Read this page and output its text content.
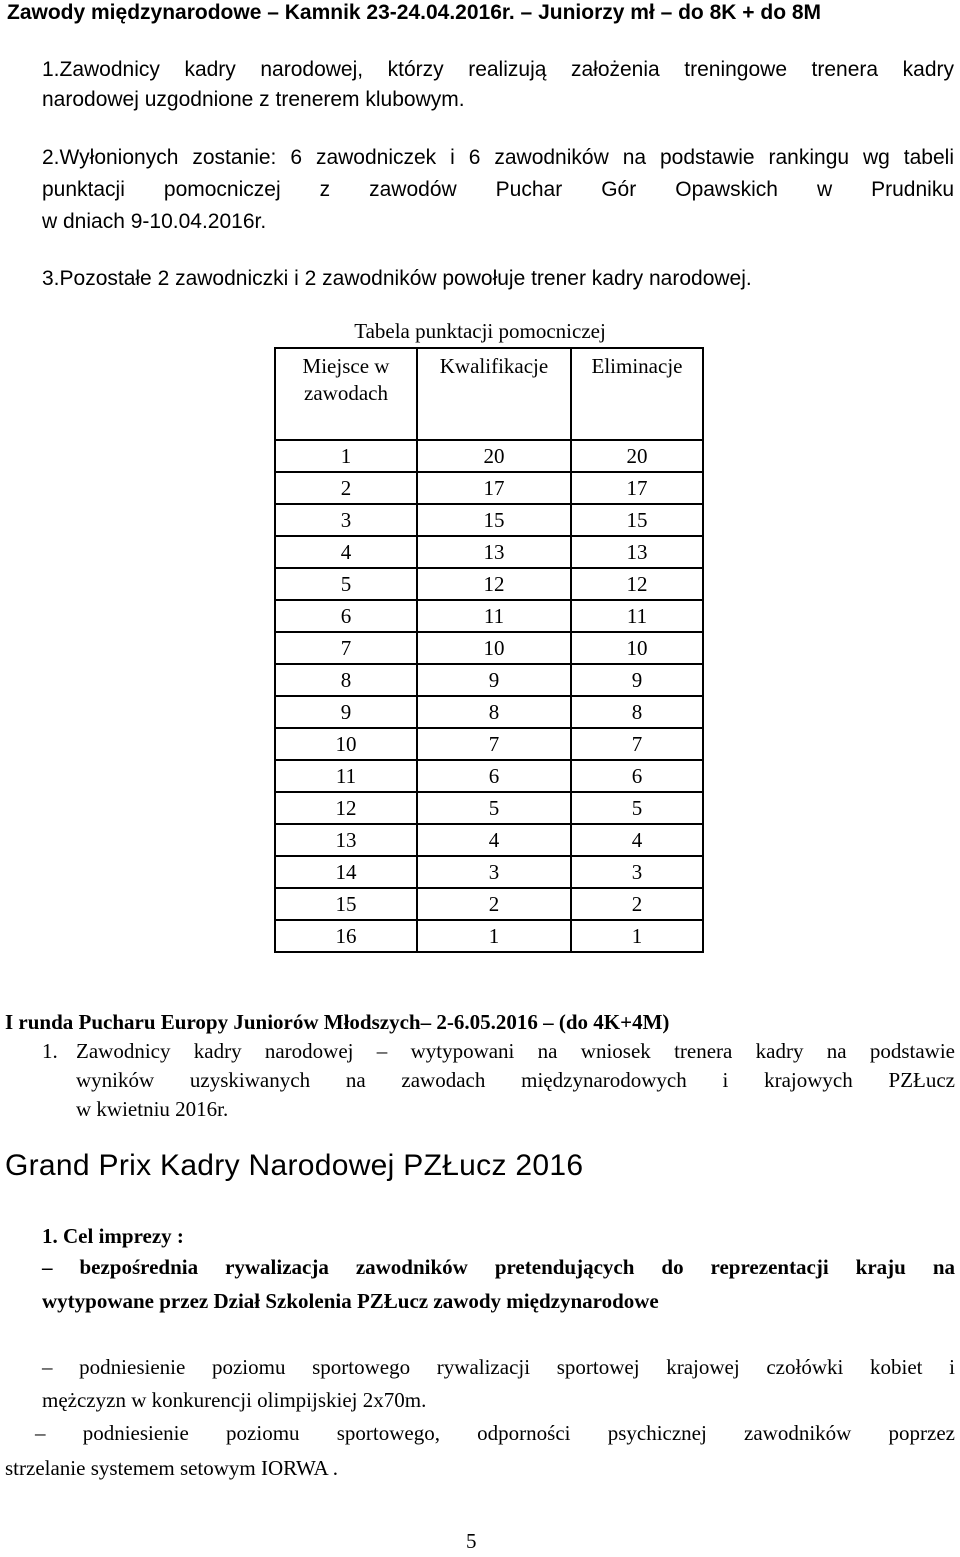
Zawody międzynarodowe – Kamnik 23-24.04.2016r. – Juniorzy mł – do 8K + do 8M
1.Zawodnicy kadry narodowej, którzy realizują założenia treningowe trenera kadry
narodowej uzgodnione z trenerem klubowym.
2.Wyłonionych zostanie: 6 zawodniczek i 6 zawodników na podstawie rankingu wg tabeli
punktacji pomocniczej z zawodów Puchar Gór Opawskich w Prudniku
w dniach 9-10.04.2016r.
3.Pozostałe 2 zawodniczki i 2 zawodników powołuje trener kadry narodowej.
Tabela punktacji pomocniczej
Miejsce w zawodach	Kwalifikacje	Eliminacje
1	20	20
2	17	17
3	15	15
4	13	13
5	12	12
6	11	11
7	10	10
8	9	9
9	8	8
10	7	7
11	6	6
12	5	5
13	4	4
14	3	3
15	2	2
16	1	1
I runda Pucharu Europy Juniorów Młodszych– 2-6.05.2016 – (do 4K+4M)
1. Zawodnicy kadry narodowej – wytypowani na wniosek trenera kadry na podstawie
wyników uzyskiwanych na zawodach międzynarodowych i krajowych PZŁucz
w kwietniu 2016r.
Grand Prix Kadry Narodowej PZŁucz 2016
1. Cel imprezy :
– bezpośrednia rywalizacja zawodników pretendujących do reprezentacji kraju na
wytypowane przez Dział Szkolenia PZŁucz zawody międzynarodowe
– podniesienie poziomu sportowego rywalizacji sportowej krajowej czołówki kobiet i
mężczyzn w konkurencji olimpijskiej 2x70m.
– podniesienie poziomu sportowego, odporności psychicznej zawodników poprzez
strzelanie systemem setowym IORWA .
5
